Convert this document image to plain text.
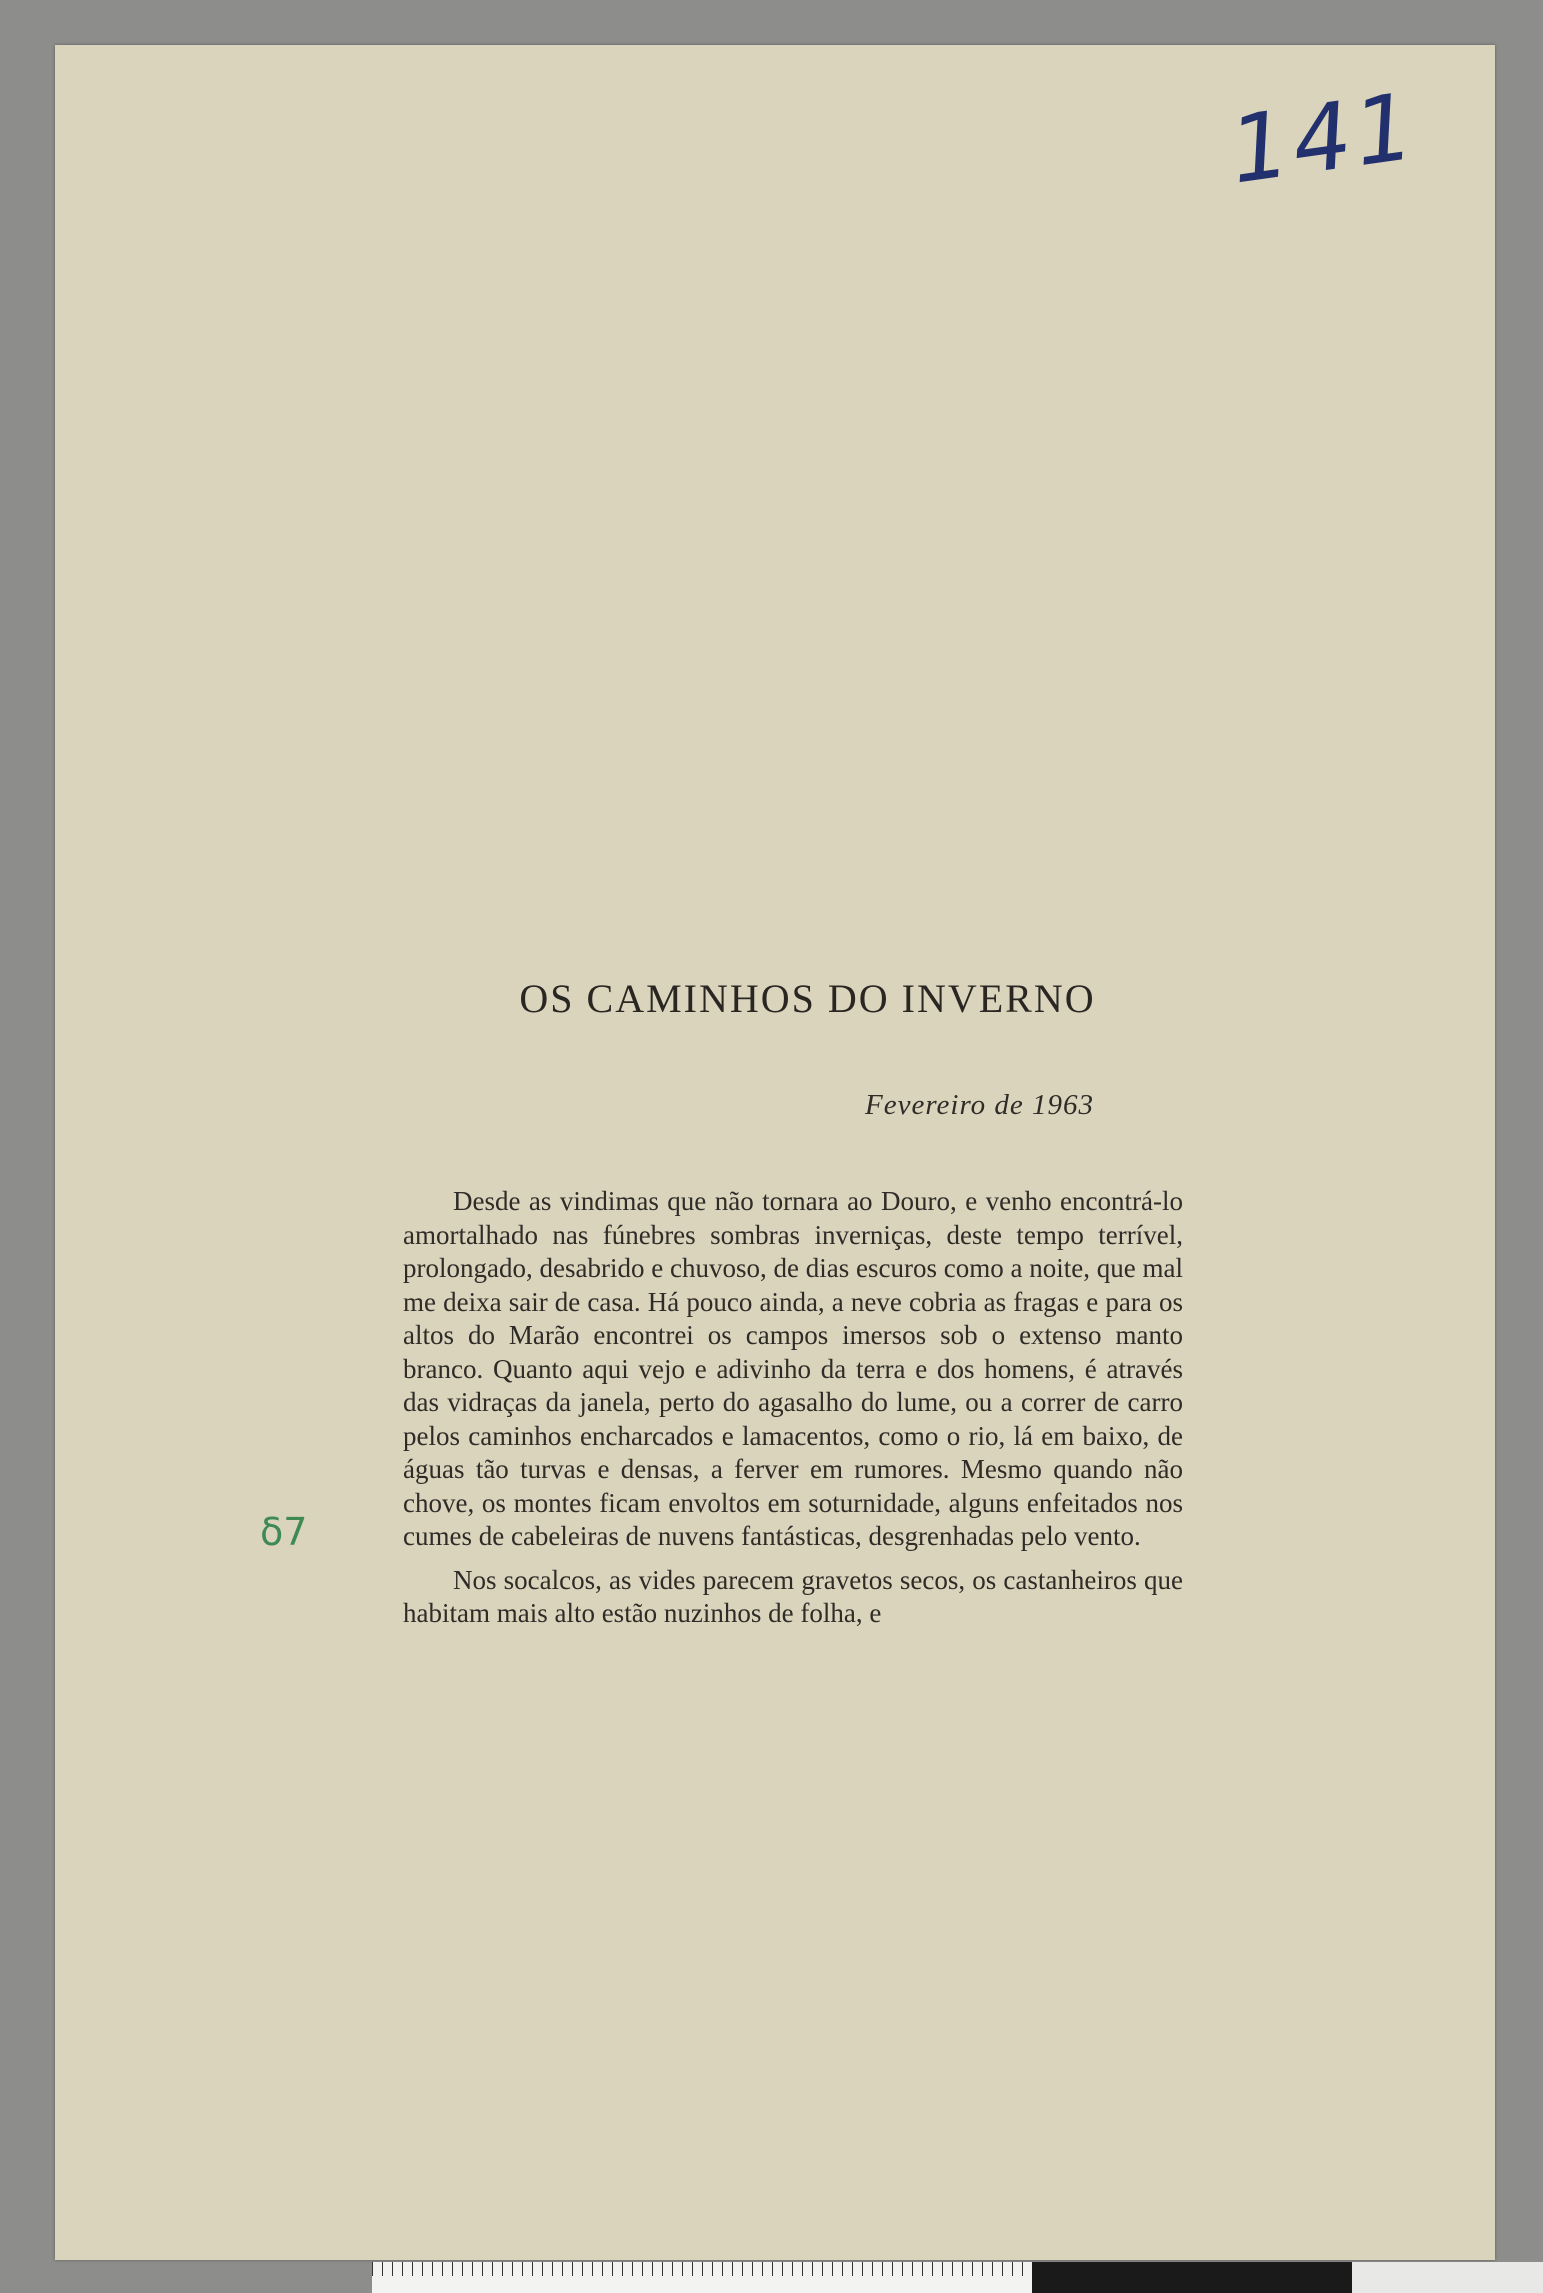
141
δ7
OS CAMINHOS DO INVERNO
Fevereiro de 1963

Desde as vindimas que não tornara ao Douro, e venho encontrá-lo amortalhado nas fúnebres sombras inverniças, deste tempo terrível, prolongado, desabrido e chuvoso, de dias escuros como a noite, que mal me deixa sair de casa. Há pouco ainda, a neve cobria as fragas e para os altos do Marão encontrei os campos imersos sob o extenso manto branco. Quanto aqui vejo e adivinho da terra e dos homens, é através das vidraças da janela, perto do agasalho do lume, ou a correr de carro pelos caminhos encharcados e lamacentos, como o rio, lá em baixo, de águas tão turvas e densas, a ferver em rumores. Mesmo quando não chove, os montes ficam envoltos em soturnidade, alguns enfeitados nos cumes de cabeleiras de nuvens fantásticas, desgrenhadas pelo vento.

Nos socalcos, as vides parecem gravetos secos, os castanheiros que habitam mais alto estão nuzinhos de folha, e
